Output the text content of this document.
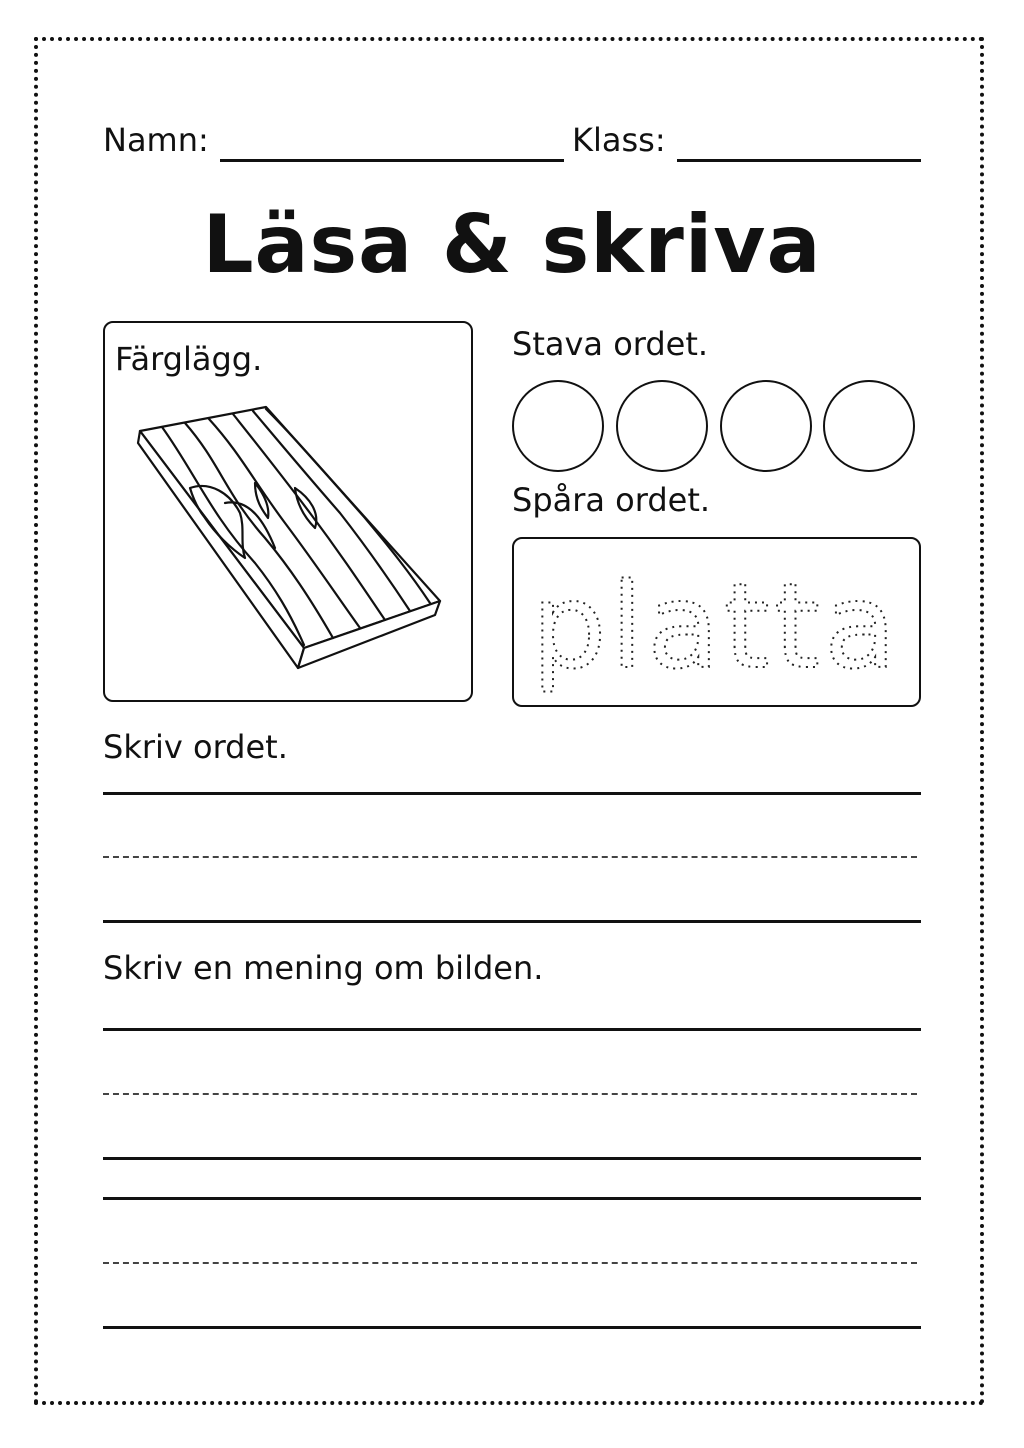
Namn:	Klass:
Läsa & skriva
Färglägg.	Stava ordet.
Spåra ordet.
platta
Skriv ordet.
Skriv en mening om bilden.
